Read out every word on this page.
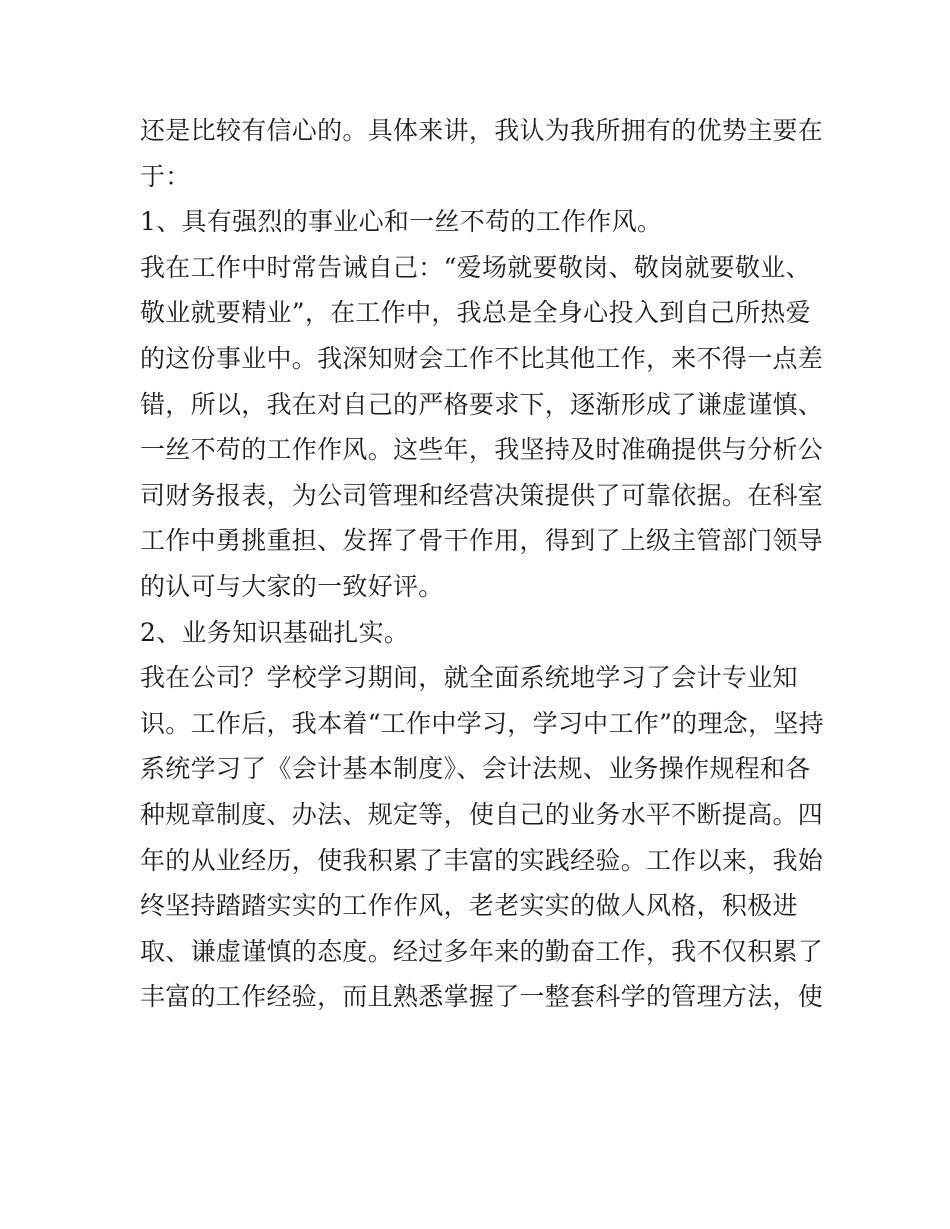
还是比较有信心的。具体来讲，我认为我所拥有的优势主要在
于：
1、具有强烈的事业心和一丝不苟的工作作风。
我在工作中时常告诫自己：“爱场就要敬岗、敬岗就要敬业、
敬业就要精业”，在工作中，我总是全身心投入到自己所热爱
的这份事业中。我深知财会工作不比其他工作，来不得一点差
错，所以，我在对自己的严格要求下，逐渐形成了谦虚谨慎、
一丝不苟的工作作风。这些年，我坚持及时准确提供与分析公
司财务报表，为公司管理和经营决策提供了可靠依据。在科室
工作中勇挑重担、发挥了骨干作用，得到了上级主管部门领导
的认可与大家的一致好评。
2、业务知识基础扎实。
我在公司？学校学习期间，就全面系统地学习了会计专业知
识。工作后，我本着“工作中学习，学习中工作”的理念，坚持
系统学习了《会计基本制度》、会计法规、业务操作规程和各
种规章制度、办法、规定等，使自己的业务水平不断提高。四
年的从业经历，使我积累了丰富的实践经验。工作以来，我始
终坚持踏踏实实的工作作风，老老实实的做人风格，积极进
取、谦虚谨慎的态度。经过多年来的勤奋工作，我不仅积累了
丰富的工作经验，而且熟悉掌握了一整套科学的管理方法，使
